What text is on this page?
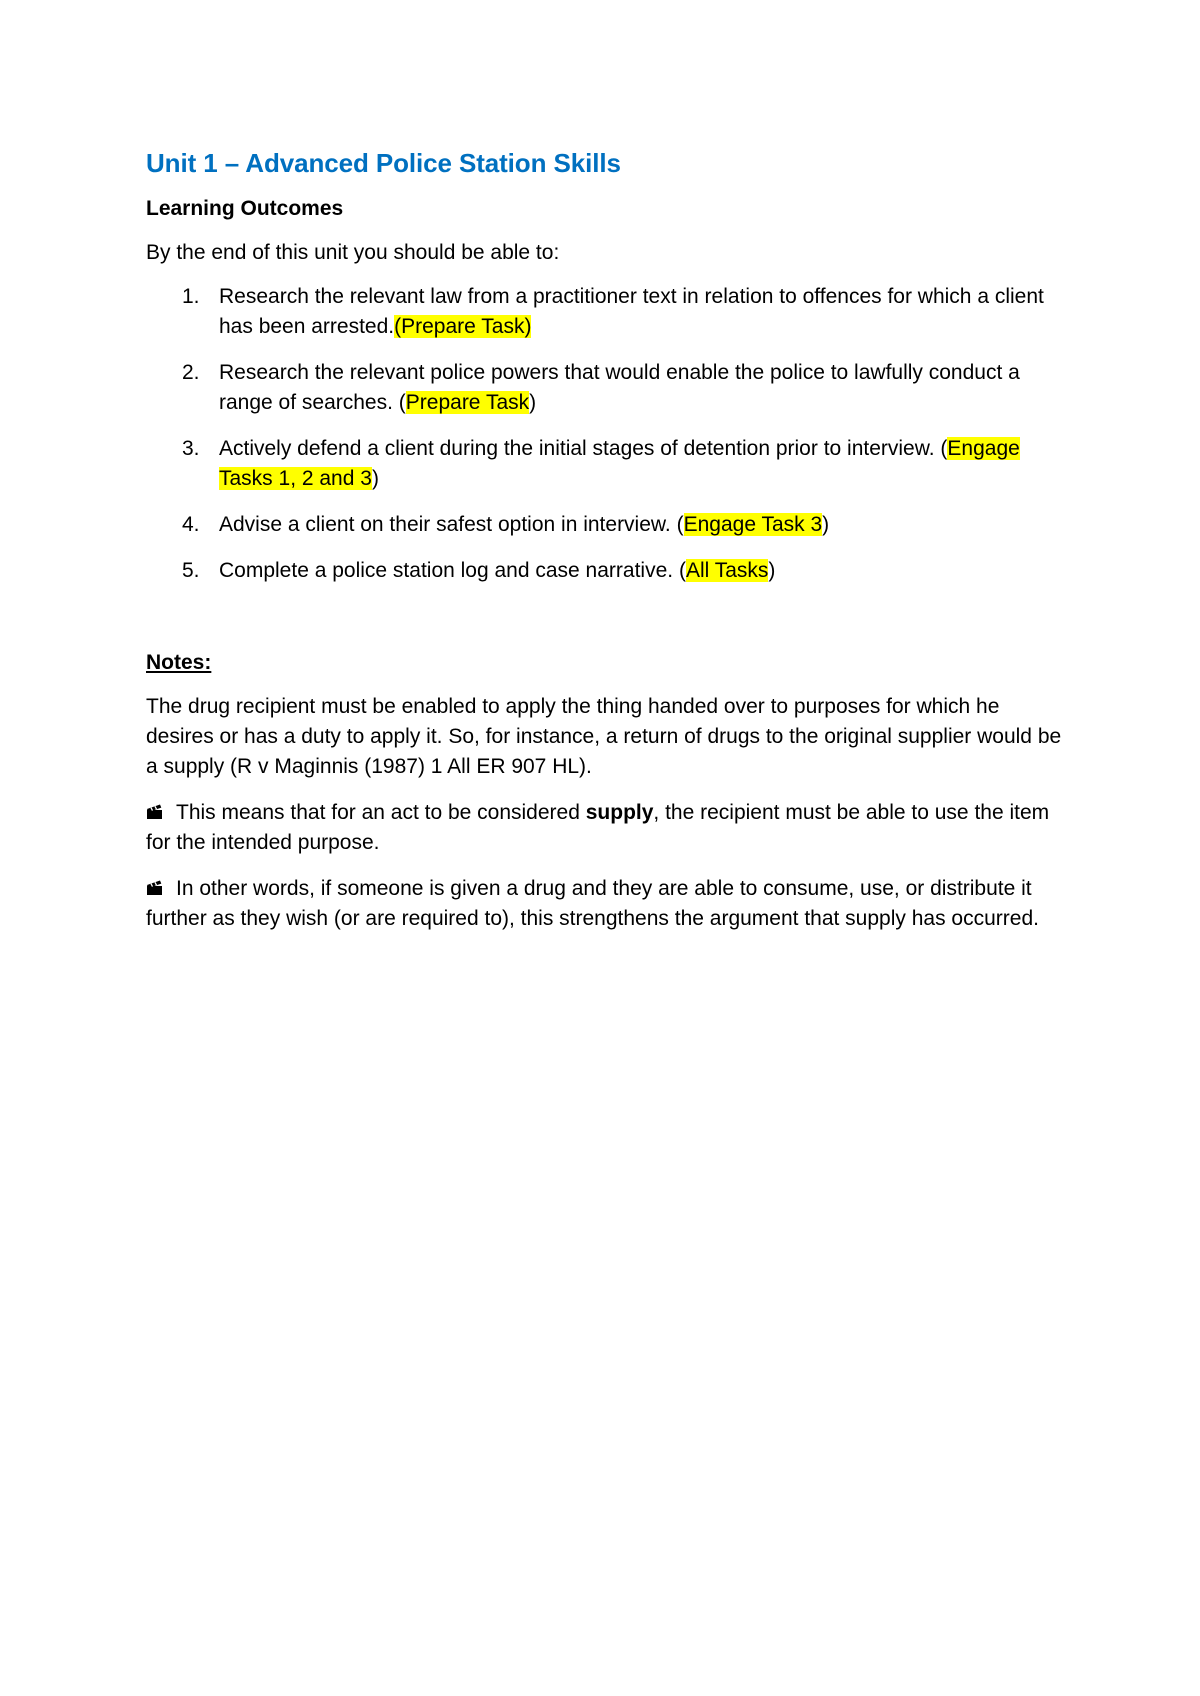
Unit 1 – Advanced Police Station Skills
Learning Outcomes
By the end of this unit you should be able to:
1. Research the relevant law from a practitioner text in relation to offences for which a client has been arrested.(Prepare Task)
2. Research the relevant police powers that would enable the police to lawfully conduct a range of searches. (Prepare Task)
3. Actively defend a client during the initial stages of detention prior to interview. (Engage Tasks 1, 2 and 3)
4. Advise a client on their safest option in interview. (Engage Task 3)
5. Complete a police station log and case narrative. (All Tasks)
Notes:
The drug recipient must be enabled to apply the thing handed over to purposes for which he desires or has a duty to apply it. So, for instance, a return of drugs to the original supplier would be a supply (R v Maginnis (1987) 1 All ER 907 HL).
This means that for an act to be considered supply, the recipient must be able to use the item for the intended purpose.
In other words, if someone is given a drug and they are able to consume, use, or distribute it further as they wish (or are required to), this strengthens the argument that supply has occurred.
